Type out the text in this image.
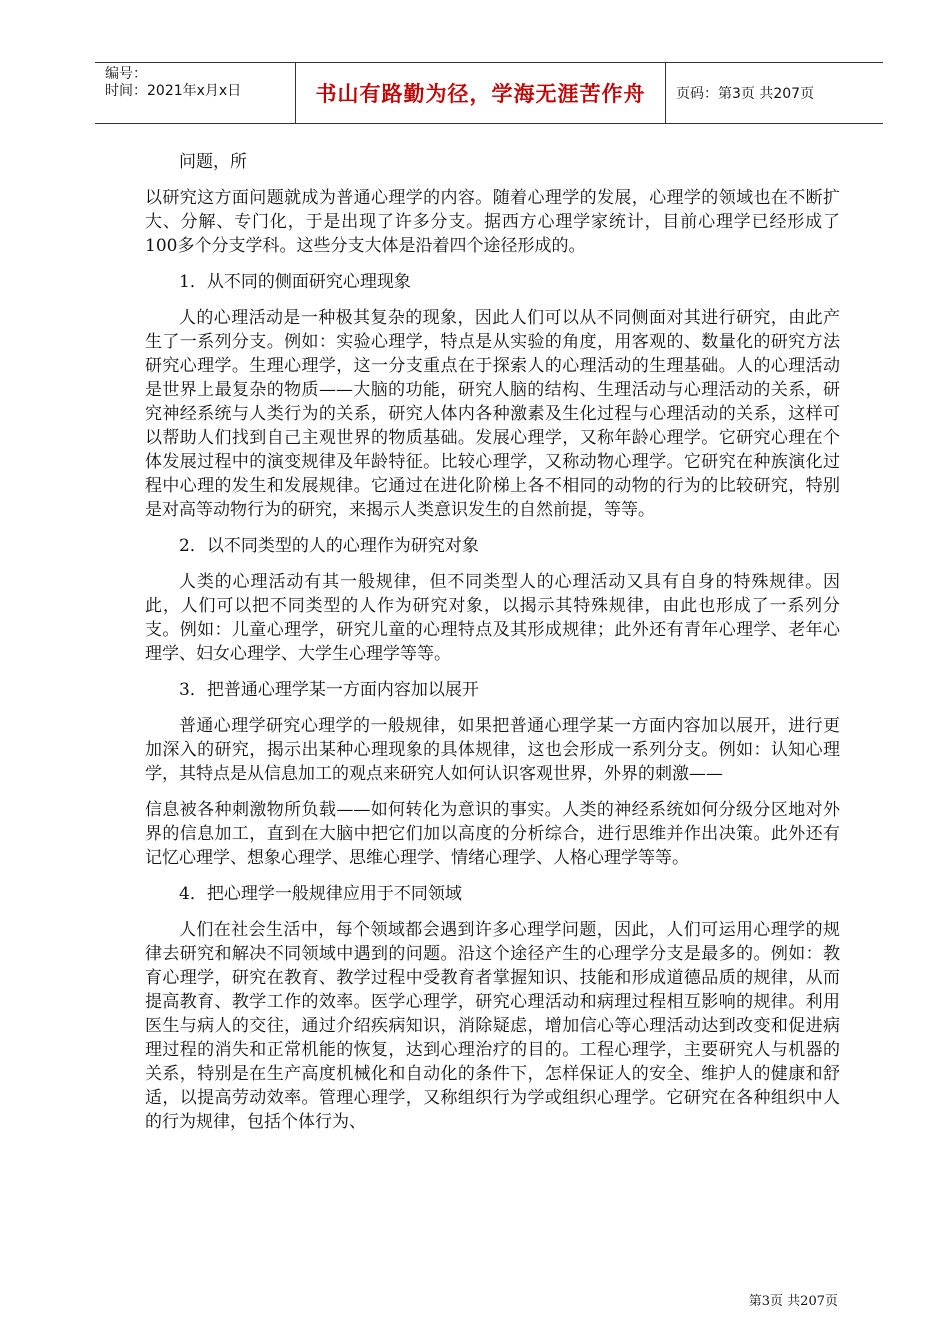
编号：
时间：2021年x月x日	书山有路勤为径，学海无涯苦作舟	页码：第3页 共207页

问题，所

以研究这方面问题就成为普通心理学的内容。随着心理学的发展，心理学的领域也在不断扩大、分解、专门化，于是出现了许多分支。据西方心理学家统计，目前心理学已经形成了100多个分支学科。这些分支大体是沿着四个途径形成的。

1．从不同的侧面研究心理现象

人的心理活动是一种极其复杂的现象，因此人们可以从不同侧面对其进行研究，由此产生了一系列分支。例如：实验心理学，特点是从实验的角度，用客观的、数量化的研究方法研究心理学。生理心理学，这一分支重点在于探索人的心理活动的生理基础。人的心理活动是世界上最复杂的物质——大脑的功能，研究人脑的结构、生理活动与心理活动的关系，研究神经系统与人类行为的关系，研究人体内各种激素及生化过程与心理活动的关系，这样可以帮助人们找到自己主观世界的物质基础。发展心理学，又称年龄心理学。它研究心理在个体发展过程中的演变规律及年龄特征。比较心理学，又称动物心理学。它研究在种族演化过程中心理的发生和发展规律。它通过在进化阶梯上各不相同的动物的行为的比较研究，特别是对高等动物行为的研究，来揭示人类意识发生的自然前提，等等。

2．以不同类型的人的心理作为研究对象

人类的心理活动有其一般规律，但不同类型人的心理活动又具有自身的特殊规律。因此，人们可以把不同类型的人作为研究对象，以揭示其特殊规律，由此也形成了一系列分支。例如：儿童心理学，研究儿童的心理特点及其形成规律；此外还有青年心理学、老年心理学、妇女心理学、大学生心理学等等。

3．把普通心理学某一方面内容加以展开

普通心理学研究心理学的一般规律，如果把普通心理学某一方面内容加以展开，进行更加深入的研究，揭示出某种心理现象的具体规律，这也会形成一系列分支。例如：认知心理学，其特点是从信息加工的观点来研究人如何认识客观世界，外界的刺激——

信息被各种刺激物所负载——如何转化为意识的事实。人类的神经系统如何分级分区地对外界的信息加工，直到在大脑中把它们加以高度的分析综合，进行思维并作出决策。此外还有记忆心理学、想象心理学、思维心理学、情绪心理学、人格心理学等等。

4．把心理学一般规律应用于不同领域

人们在社会生活中，每个领域都会遇到许多心理学问题，因此，人们可运用心理学的规律去研究和解决不同领域中遇到的问题。沿这个途径产生的心理学分支是最多的。例如：教育心理学，研究在教育、教学过程中受教育者掌握知识、技能和形成道德品质的规律，从而提高教育、教学工作的效率。医学心理学，研究心理活动和病理过程相互影响的规律。利用医生与病人的交往，通过介绍疾病知识，消除疑虑，增加信心等心理活动达到改变和促进病理过程的消失和正常机能的恢复，达到心理治疗的目的。工程心理学，主要研究人与机器的关系，特别是在生产高度机械化和自动化的条件下，怎样保证人的安全、维护人的健康和舒适，以提高劳动效率。管理心理学，又称组织行为学或组织心理学。它研究在各种组织中人的行为规律，包括个体行为、

第3页 共207页
